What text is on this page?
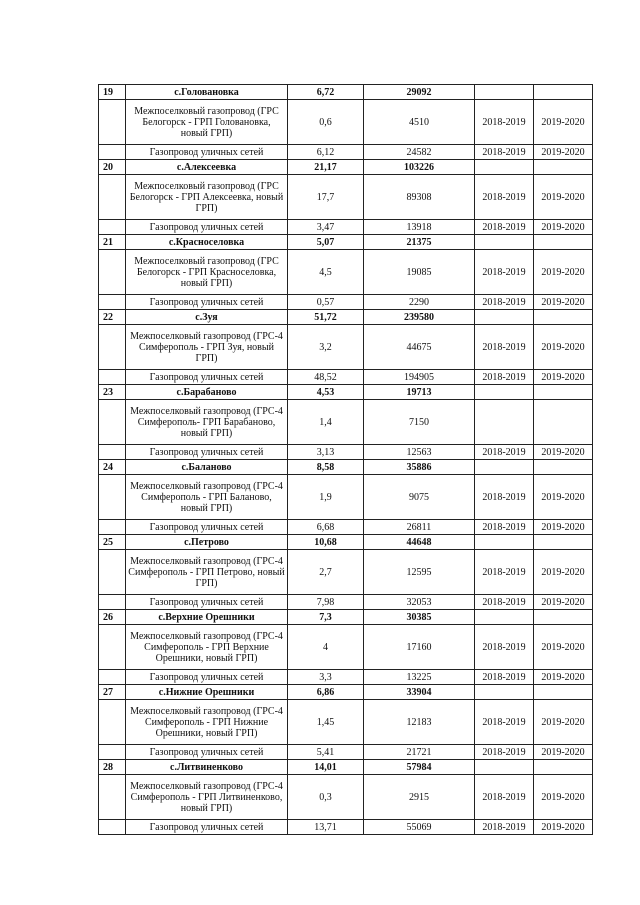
19	с.Головановка	6,72	29092		
	Межпоселковый газопровод (ГРС Белогорск - ГРП Головановка, новый ГРП)	0,6	4510	2018-2019	2019-2020
	Газопровод уличных сетей	6,12	24582	2018-2019	2019-2020
20	с.Алексеевка	21,17	103226		
	Межпоселковый газопровод (ГРС Белогорск - ГРП Алексеевка, новый ГРП)	17,7	89308	2018-2019	2019-2020
	Газопровод уличных сетей	3,47	13918	2018-2019	2019-2020
21	с.Красноселовка	5,07	21375		
	Межпоселковый газопровод (ГРС Белогорск - ГРП Красноселовка, новый ГРП)	4,5	19085	2018-2019	2019-2020
	Газопровод уличных сетей	0,57	2290	2018-2019	2019-2020
22	с.Зуя	51,72	239580		
	Межпоселковый газопровод (ГРС-4 Симферополь - ГРП Зуя, новый ГРП)	3,2	44675	2018-2019	2019-2020
	Газопровод уличных сетей	48,52	194905	2018-2019	2019-2020
23	с.Барабаново	4,53	19713		
	Межпоселковый газопровод (ГРС-4 Симферополь- ГРП Барабаново, новый ГРП)	1,4	7150		
	Газопровод уличных сетей	3,13	12563	2018-2019	2019-2020
24	с.Баланово	8,58	35886		
	Межпоселковый газопровод (ГРС-4 Симферополь - ГРП Баланово, новый ГРП)	1,9	9075	2018-2019	2019-2020
	Газопровод уличных сетей	6,68	26811	2018-2019	2019-2020
25	с.Петрово	10,68	44648		
	Межпоселковый газопровод (ГРС-4 Симферополь - ГРП Петрово, новый ГРП)	2,7	12595	2018-2019	2019-2020
	Газопровод уличных сетей	7,98	32053	2018-2019	2019-2020
26	с.Верхние Орешники	7,3	30385		
	Межпоселковый газопровод (ГРС-4 Симферополь - ГРП Верхние Орешники, новый ГРП)	4	17160	2018-2019	2019-2020
	Газопровод уличных сетей	3,3	13225	2018-2019	2019-2020
27	с.Нижние Орешники	6,86	33904		
	Межпоселковый газопровод (ГРС-4 Симферополь - ГРП Нижние Орешники, новый ГРП)	1,45	12183	2018-2019	2019-2020
	Газопровод уличных сетей	5,41	21721	2018-2019	2019-2020
28	с.Литвиненково	14,01	57984		
	Межпоселковый газопровод (ГРС-4 Симферополь - ГРП Литвиненково, новый ГРП)	0,3	2915	2018-2019	2019-2020
	Газопровод уличных сетей	13,71	55069	2018-2019	2019-2020
